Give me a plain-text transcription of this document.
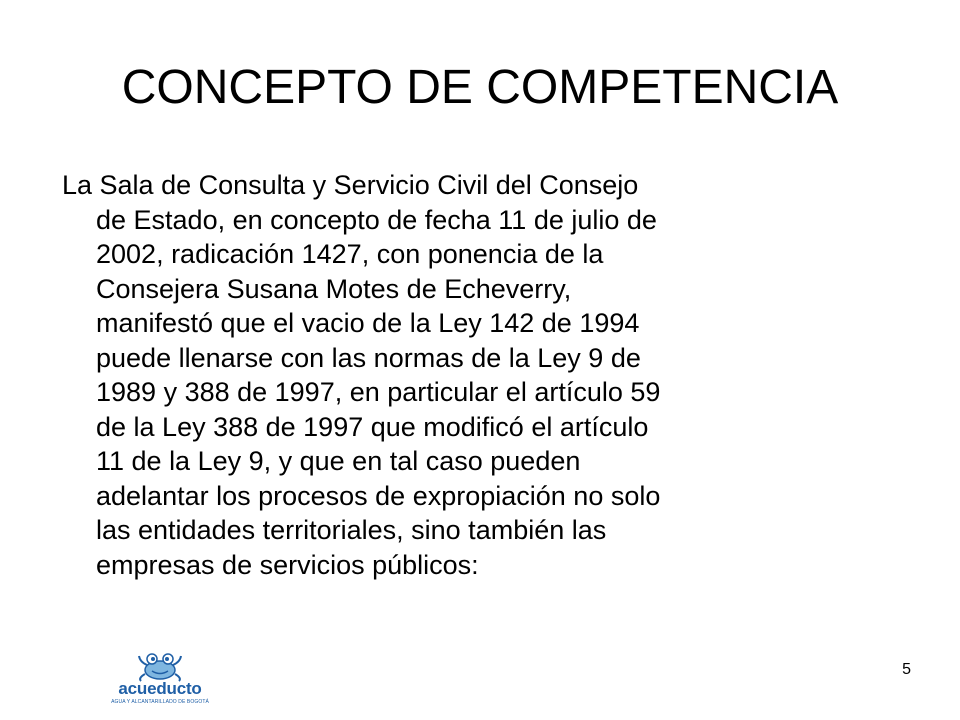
CONCEPTO DE COMPETENCIA
La Sala de Consulta y Servicio Civil del Consejo
de Estado, en concepto de fecha 11 de julio de
2002, radicación 1427, con ponencia de la
Consejera Susana Motes de Echeverry,
manifestó que el vacio de la Ley 142 de 1994
puede llenarse con las normas de la Ley 9 de
1989 y 388 de 1997, en particular el artículo 59
de la Ley 388 de 1997 que modificó el artículo
11 de la Ley 9, y que en tal caso pueden
adelantar los procesos de expropiación no solo
las entidades territoriales, sino también las
empresas de servicios públicos:
acueducto
AGUA Y ALCANTARILLADO DE BOGOTÁ
5
